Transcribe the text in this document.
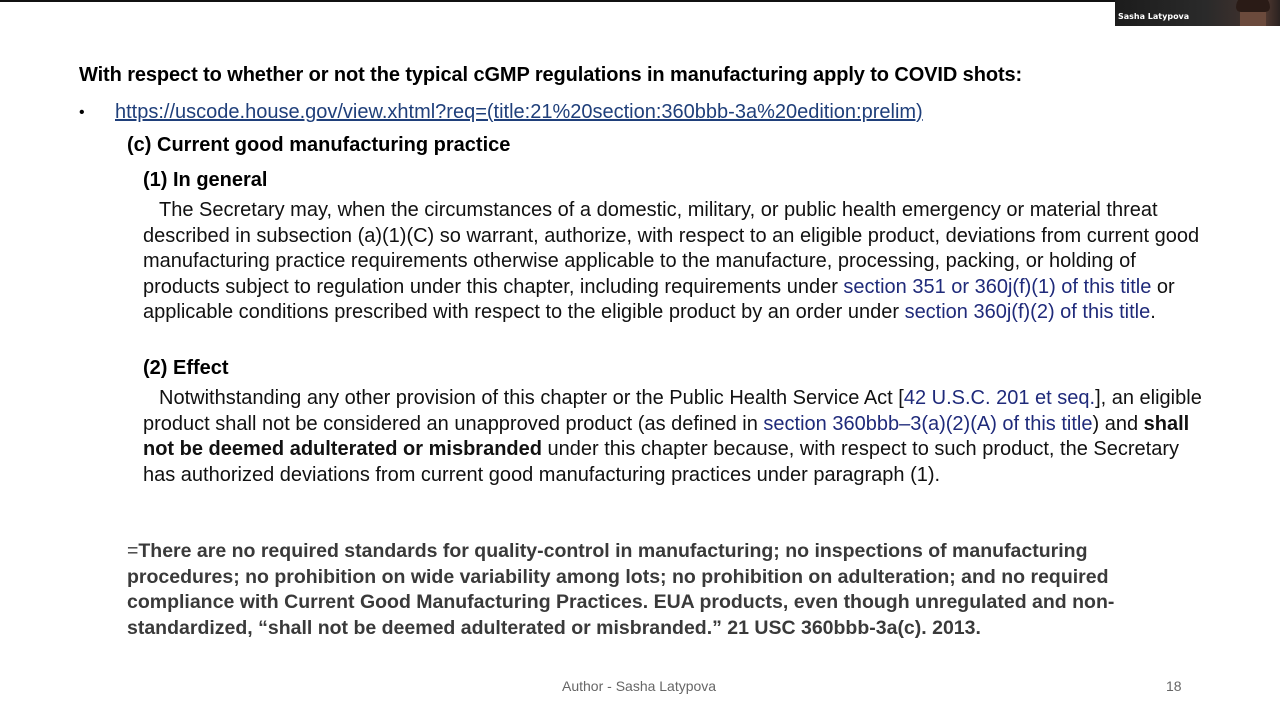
Sasha Latypova
With respect to whether or not the typical cGMP regulations in manufacturing apply to COVID shots:
• https://uscode.house.gov/view.xhtml?req=(title:21%20section:360bbb-3a%20edition:prelim)
(c) Current good manufacturing practice
(1) In general

The Secretary may, when the circumstances of a domestic, military, or public health emergency or material threat described in subsection (a)(1)(C) so warrant, authorize, with respect to an eligible product, deviations from current good manufacturing practice requirements otherwise applicable to the manufacture, processing, packing, or holding of products subject to regulation under this chapter, including requirements under section 351 or 360j(f)(1) of this title or applicable conditions prescribed with respect to the eligible product by an order under section 360j(f)(2) of this title.

(2) Effect

Notwithstanding any other provision of this chapter or the Public Health Service Act [42 U.S.C. 201 et seq.], an eligible product shall not be considered an unapproved product (as defined in section 360bbb–3(a)(2)(A) of this title) and shall not be deemed adulterated or misbranded under this chapter because, with respect to such product, the Secretary has authorized deviations from current good manufacturing practices under paragraph (1).

=There are no required standards for quality-control in manufacturing; no inspections of manufacturing procedures; no prohibition on wide variability among lots; no prohibition on adulteration; and no required compliance with Current Good Manufacturing Practices. EUA products, even though unregulated and non-standardized, “shall not be deemed adulterated or misbranded.” 21 USC 360bbb-3a(c). 2013.

Author - Sasha Latypova	18
